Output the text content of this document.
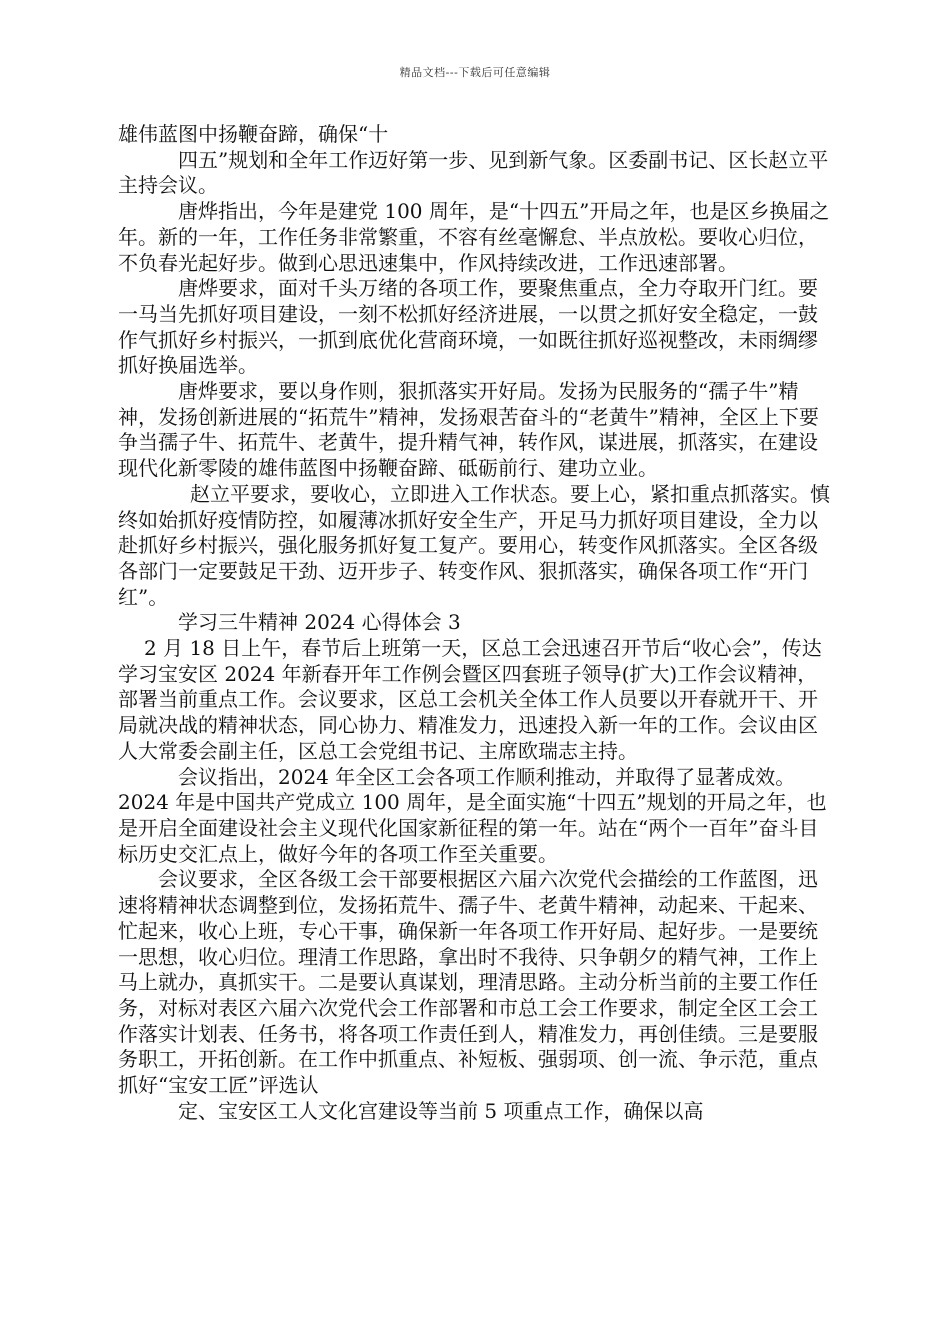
精品文档---下载后可任意编辑

雄伟蓝图中扬鞭奋蹄，确保“十

四五”规划和全年工作迈好第一步、见到新气象。区委副书记、区长赵立平主持会议。

唐烨指出，今年是建党 100 周年，是“十四五”开局之年，也是区乡换届之年。新的一年，工作任务非常繁重，不容有丝毫懈怠、半点放松。要收心归位，不负春光起好步。做到心思迅速集中，作风持续改进，工作迅速部署。

唐烨要求，面对千头万绪的各项工作，要聚焦重点，全力夺取开门红。要一马当先抓好项目建设，一刻不松抓好经济进展，一以贯之抓好安全稳定，一鼓作气抓好乡村振兴，一抓到底优化营商环境，一如既往抓好巡视整改，未雨绸缪抓好换届选举。

唐烨要求，要以身作则，狠抓落实开好局。发扬为民服务的“孺子牛”精神，发扬创新进展的“拓荒牛”精神，发扬艰苦奋斗的“老黄牛”精神，全区上下要争当孺子牛、拓荒牛、老黄牛，提升精气神，转作风，谋进展，抓落实，在建设现代化新零陵的雄伟蓝图中扬鞭奋蹄、砥砺前行、建功立业。

赵立平要求，要收心，立即进入工作状态。要上心，紧扣重点抓落实。慎终如始抓好疫情防控，如履薄冰抓好安全生产，开足马力抓好项目建设，全力以赴抓好乡村振兴，强化服务抓好复工复产。要用心，转变作风抓落实。全区各级各部门一定要鼓足干劲、迈开步子、转变作风、狠抓落实，确保各项工作“开门红”。

学习三牛精神 2024 心得体会 3

2 月 18 日上午，春节后上班第一天，区总工会迅速召开节后“收心会”，传达学习宝安区 2024 年新春开年工作例会暨区四套班子领导(扩大)工作会议精神，部署当前重点工作。会议要求，区总工会机关全体工作人员要以开春就开干、开局就决战的精神状态，同心协力、精准发力，迅速投入新一年的工作。会议由区人大常委会副主任，区总工会党组书记、主席欧瑞志主持。

会议指出，2024 年全区工会各项工作顺利推动，并取得了显著成效。2024 年是中国共产党成立 100 周年，是全面实施“十四五”规划的开局之年，也是开启全面建设社会主义现代化国家新征程的第一年。站在“两个一百年”奋斗目标历史交汇点上，做好今年的各项工作至关重要。

会议要求，全区各级工会干部要根据区六届六次党代会描绘的工作蓝图，迅速将精神状态调整到位，发扬拓荒牛、孺子牛、老黄牛精神，动起来、干起来、忙起来，收心上班，专心干事，确保新一年各项工作开好局、起好步。一是要统一思想，收心归位。理清工作思路，拿出时不我待、只争朝夕的精气神，工作上马上就办，真抓实干。二是要认真谋划，理清思路。主动分析当前的主要工作任务，对标对表区六届六次党代会工作部署和市总工会工作要求，制定全区工会工作落实计划表、任务书，将各项工作责任到人，精准发力，再创佳绩。三是要服务职工，开拓创新。在工作中抓重点、补短板、强弱项、创一流、争示范，重点抓好“宝安工匠”评选认

定、宝安区工人文化宫建设等当前 5 项重点工作，确保以高
